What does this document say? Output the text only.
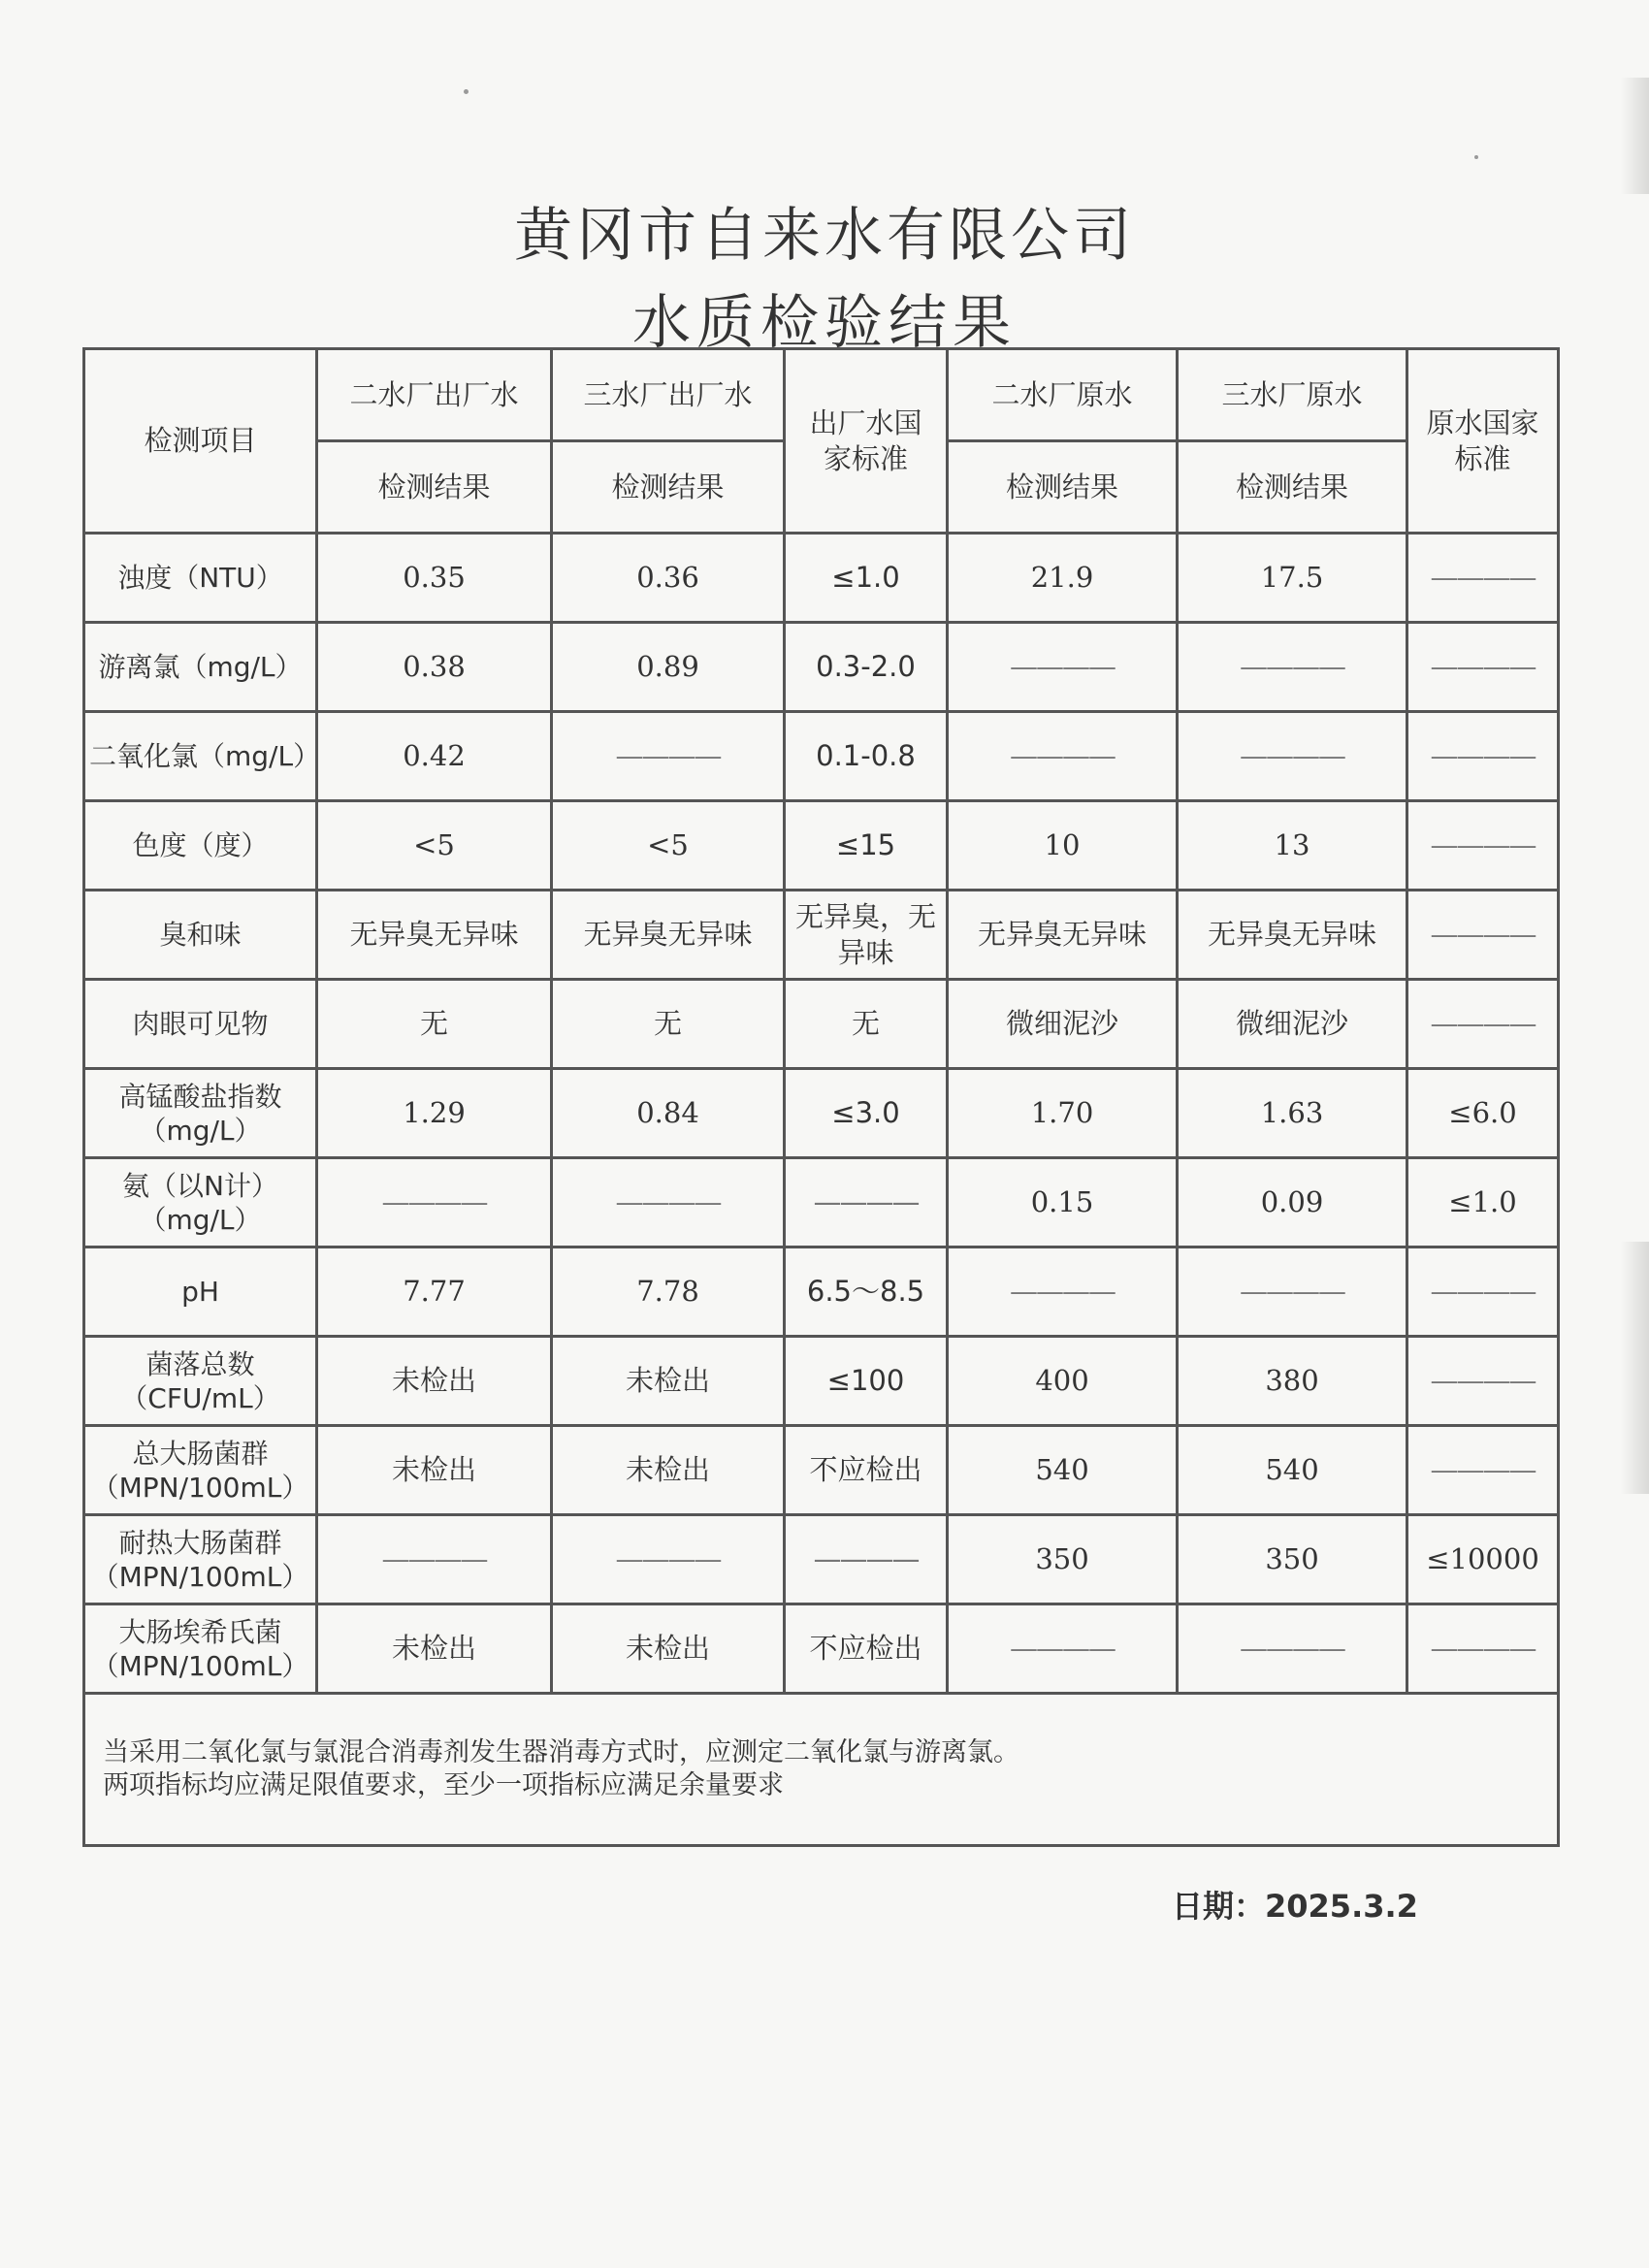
黄冈市自来水有限公司
水质检验结果
检测项目	二水厂出厂水	三水厂出厂水	出厂水国家标准	二水厂原水	三水厂原水	原水国家标准
	检测结果	检测结果		检测结果	检测结果	
浊度（NTU）	0.35	0.36	≤1.0	21.9	17.5	————
游离氯（mg/L）	0.38	0.89	0.3-2.0	————	————	————
二氧化氯（mg/L）	0.42	————	0.1-0.8	————	————	————
色度（度）	<5	<5	≤15	10	13	————
臭和味	无异臭无异味	无异臭无异味	无异臭，无异味	无异臭无异味	无异臭无异味	————
肉眼可见物	无	无	无	微细泥沙	微细泥沙	————
高锰酸盐指数（mg/L）	1.29	0.84	≤3.0	1.70	1.63	≤6.0
氨（以N计）（mg/L）	————	————	————	0.15	0.09	≤1.0
pH	7.77	7.78	6.5～8.5	————	————	————
菌落总数（CFU/mL）	未检出	未检出	≤100	400	380	————
总大肠菌群（MPN/100mL）	未检出	未检出	不应检出	540	540	————
耐热大肠菌群（MPN/100mL）	————	————	————	350	350	≤10000
大肠埃希氏菌（MPN/100mL）	未检出	未检出	不应检出	————	————	————

当采用二氧化氯与氯混合消毒剂发生器消毒方式时，应测定二氧化氯与游离氯。
两项指标均应满足限值要求，至少一项指标应满足余量要求						
日期：2025.3.2
